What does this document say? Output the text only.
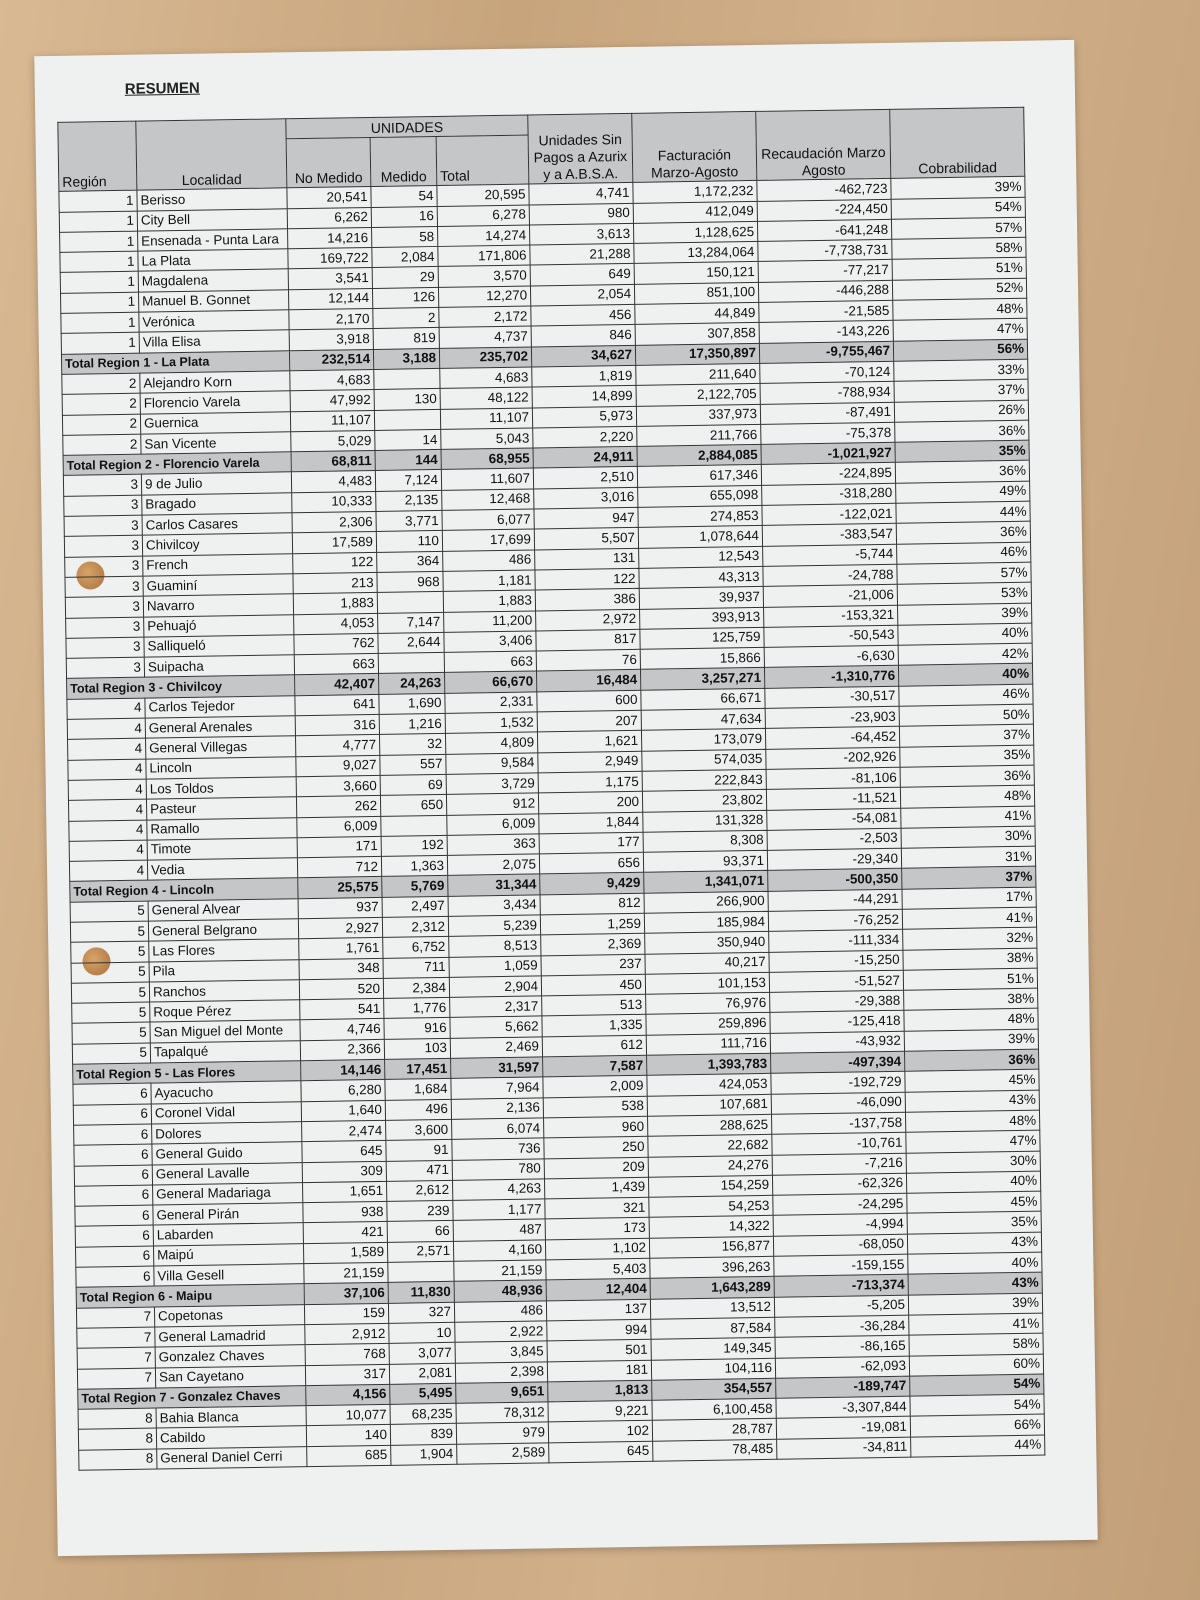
RESUMEN
Región	Localidad	UNIDADES			Unidades Sin Pagos a Azurix y a A.B.S.A.	Facturación Marzo-Agosto	Recaudación Marzo Agosto	Cobrabilidad
		No Medido	Medido	Total				
1	Berisso	20,541	54	20,595	4,741	1,172,232	-462,723	39%
1	City Bell	6,262	16	6,278	980	412,049	-224,450	54%
1	Ensenada - Punta Lara	14,216	58	14,274	3,613	1,128,625	-641,248	57%
1	La Plata	169,722	2,084	171,806	21,288	13,284,064	-7,738,731	58%
1	Magdalena	3,541	29	3,570	649	150,121	-77,217	51%
1	Manuel B. Gonnet	12,144	126	12,270	2,054	851,100	-446,288	52%
1	Verónica	2,170	2	2,172	456	44,849	-21,585	48%
1	Villa Elisa	3,918	819	4,737	846	307,858	-143,226	47%
Total Region 1 - La Plata		232,514	3,188	235,702	34,627	17,350,897	-9,755,467	56%
2	Alejandro Korn	4,683		4,683	1,819	211,640	-70,124	33%
2	Florencio Varela	47,992	130	48,122	14,899	2,122,705	-788,934	37%
2	Guernica	11,107		11,107	5,973	337,973	-87,491	26%
2	San Vicente	5,029	14	5,043	2,220	211,766	-75,378	36%
Total Region 2 - Florencio Varela		68,811	144	68,955	24,911	2,884,085	-1,021,927	35%
3	9 de Julio	4,483	7,124	11,607	2,510	617,346	-224,895	36%
3	Bragado	10,333	2,135	12,468	3,016	655,098	-318,280	49%
3	Carlos Casares	2,306	3,771	6,077	947	274,853	-122,021	44%
3	Chivilcoy	17,589	110	17,699	5,507	1,078,644	-383,547	36%
3	French	122	364	486	131	12,543	-5,744	46%
3	Guaminí	213	968	1,181	122	43,313	-24,788	57%
3	Navarro	1,883		1,883	386	39,937	-21,006	53%
3	Pehuajó	4,053	7,147	11,200	2,972	393,913	-153,321	39%
3	Salliqueló	762	2,644	3,406	817	125,759	-50,543	40%
3	Suipacha	663		663	76	15,866	-6,630	42%
Total Region 3 - Chivilcoy		42,407	24,263	66,670	16,484	3,257,271	-1,310,776	40%
4	Carlos Tejedor	641	1,690	2,331	600	66,671	-30,517	46%
4	General Arenales	316	1,216	1,532	207	47,634	-23,903	50%
4	General Villegas	4,777	32	4,809	1,621	173,079	-64,452	37%
4	Lincoln	9,027	557	9,584	2,949	574,035	-202,926	35%
4	Los Toldos	3,660	69	3,729	1,175	222,843	-81,106	36%
4	Pasteur	262	650	912	200	23,802	-11,521	48%
4	Ramallo	6,009		6,009	1,844	131,328	-54,081	41%
4	Timote	171	192	363	177	8,308	-2,503	30%
4	Vedia	712	1,363	2,075	656	93,371	-29,340	31%
Total Region 4 - Lincoln		25,575	5,769	31,344	9,429	1,341,071	-500,350	37%
5	General Alvear	937	2,497	3,434	812	266,900	-44,291	17%
5	General Belgrano	2,927	2,312	5,239	1,259	185,984	-76,252	41%
5	Las Flores	1,761	6,752	8,513	2,369	350,940	-111,334	32%
5	Pila	348	711	1,059	237	40,217	-15,250	38%
5	Ranchos	520	2,384	2,904	450	101,153	-51,527	51%
5	Roque Pérez	541	1,776	2,317	513	76,976	-29,388	38%
5	San Miguel del Monte	4,746	916	5,662	1,335	259,896	-125,418	48%
5	Tapalqué	2,366	103	2,469	612	111,716	-43,932	39%
Total Region 5 - Las Flores		14,146	17,451	31,597	7,587	1,393,783	-497,394	36%
6	Ayacucho	6,280	1,684	7,964	2,009	424,053	-192,729	45%
6	Coronel Vidal	1,640	496	2,136	538	107,681	-46,090	43%
6	Dolores	2,474	3,600	6,074	960	288,625	-137,758	48%
6	General Guido	645	91	736	250	22,682	-10,761	47%
6	General Lavalle	309	471	780	209	24,276	-7,216	30%
6	General Madariaga	1,651	2,612	4,263	1,439	154,259	-62,326	40%
6	General Pirán	938	239	1,177	321	54,253	-24,295	45%
6	Labarden	421	66	487	173	14,322	-4,994	35%
6	Maipú	1,589	2,571	4,160	1,102	156,877	-68,050	43%
6	Villa Gesell	21,159		21,159	5,403	396,263	-159,155	40%
Total Region 6 - Maipu		37,106	11,830	48,936	12,404	1,643,289	-713,374	43%
7	Copetonas	159	327	486	137	13,512	-5,205	39%
7	General Lamadrid	2,912	10	2,922	994	87,584	-36,284	41%
7	Gonzalez Chaves	768	3,077	3,845	501	149,345	-86,165	58%
7	San Cayetano	317	2,081	2,398	181	104,116	-62,093	60%
Total Region 7 - Gonzalez Chaves		4,156	5,495	9,651	1,813	354,557	-189,747	54%
8	Bahia Blanca	10,077	68,235	78,312	9,221	6,100,458	-3,307,844	54%
8	Cabildo	140	839	979	102	28,787	-19,081	66%
8	General Daniel Cerri	685	1,904	2,589	645	78,485	-34,811	44%
